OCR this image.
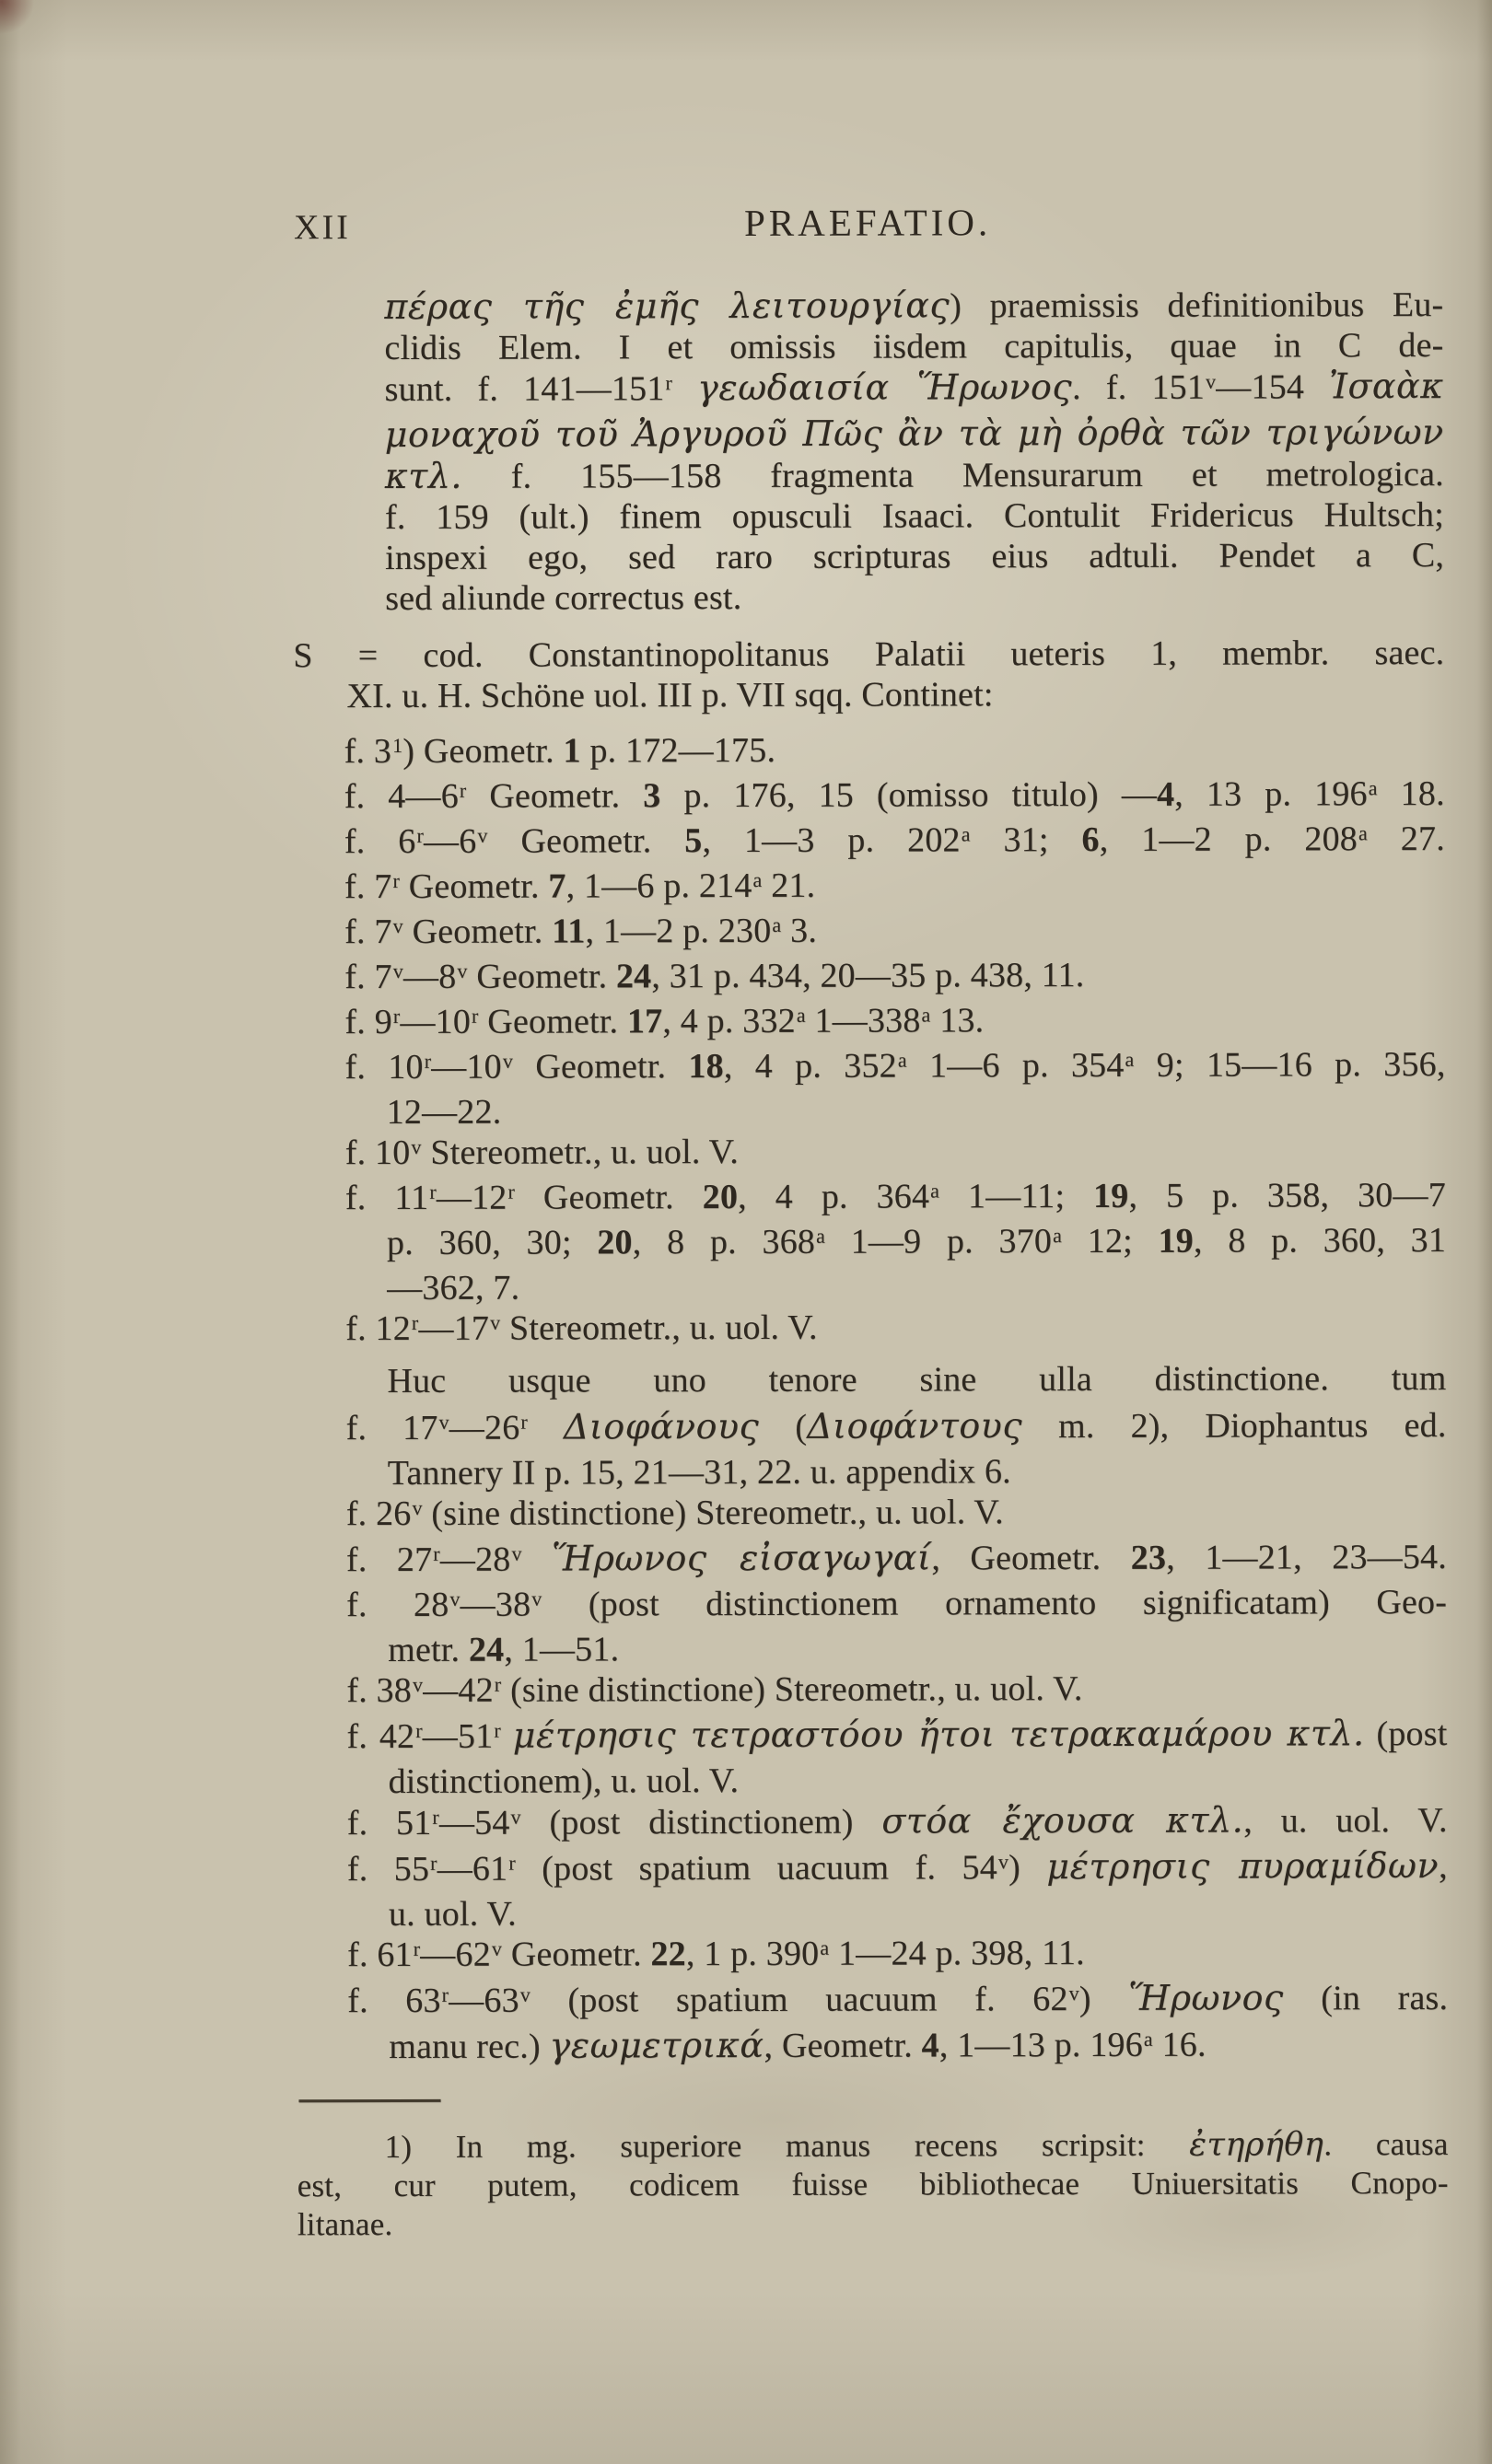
XII	PRAEFATIO.
πέρας τῆς ἐμῆς λειτουργίας) praemissis definitionibus Eu-
clidis Elem. I et omissis iisdem capitulis, quae in C de-
sunt. f. 141—151$^r$ γεωδαισία Ἥρωνος. f. 151$^v$—154 Ἰσαὰκ
μοναχοῦ τοῦ Ἀργυροῦ Πῶς ἂν τὰ μὴ ὀρθὰ τῶν τριγώνων
κτλ. f. 155—158 fragmenta Mensurarum et metrologica.
f. 159 (ult.) finem opusculi Isaaci. Contulit Fridericus Hultsch;
inspexi ego, sed raro scripturas eius adtuli. Pendet a C,
sed aliunde correctus est.
S = cod. Constantinopolitanus Palatii ueteris 1, membr. saec.
XI. u. H. Schöne uol. III p. VII sqq. Continet:
f. $3^1$) Geometr. 1 p. 172—175.
f. 4—6$^r$ Geometr. 3 p. 176, 15 (omisso titulo) —4, 13 p. 196$^a$ 18.
f. 6$^r$—6$^v$ Geometr. 5, 1—3 p. 202$^a$ 31; 6, 1—2 p. 208$^a$ 27.
f. 7$^r$ Geometr. 7, 1—6 p. 214$^a$ 21.
f. 7$^v$ Geometr. 11, 1—2 p. 230$^a$ 3.
f. 7$^v$—8$^v$ Geometr. 24, 31 p. 434, 20—35 p. 438, 11.
f. 9$^r$—10$^r$ Geometr. 17, 4 p. 332$^a$ 1—338$^a$ 13.
f. 10$^r$—10$^v$ Geometr. 18, 4 p. 352$^a$ 1—6 p. 354$^a$ 9; 15—16 p. 356,
12—22.
f. 10$^v$ Stereometr., u. uol. V.
f. 11$^r$—12$^r$ Geometr. 20, 4 p. 364$^a$ 1—11; 19, 5 p. 358, 30—7
p. 360, 30; 20, 8 p. 368$^a$ 1—9 p. 370$^a$ 12; 19, 8 p. 360, 31
—362, 7.
f. 12$^r$—17$^v$ Stereometr., u. uol. V.
Huc usque uno tenore sine ulla distinctione. tum
f. 17$^v$—26$^r$ Διοφάνους (Διοφάντους m. 2), Diophantus ed.
Tannery II p. 15, 21—31, 22. u. appendix 6.
f. 26$^v$ (sine distinctione) Stereometr., u. uol. V.
f. 27$^r$—28$^v$ Ἥρωνος εἰσαγωγαί, Geometr. 23, 1—21, 23—54.
f. 28$^v$—38$^v$ (post distinctionem ornamento significatam) Geo-
metr. 24, 1—51.
f. 38$^v$—42$^r$ (sine distinctione) Stereometr., u. uol. V.
f. 42$^r$—51$^r$ μέτρησις τετραστόου ἤτοι τετρακαμάρου κτλ. (post
distinctionem), u. uol. V.
f. 51$^r$—54$^v$ (post distinctionem) στόα ἔχουσα κτλ., u. uol. V.
f. 55$^r$—61$^r$ (post spatium uacuum f. 54$^v$) μέτρησις πυραμίδων,
u. uol. V.
f. 61$^r$—62$^v$ Geometr. 22, 1 p. 390$^a$ 1—24 p. 398, 11.
f. 63$^r$—63$^v$ (post spatium uacuum f. 62$^v$) Ἥρωνος (in ras.
manu rec.) γεωμετρικά, Geometr. 4, 1—13 p. 196$^a$ 16.
1) In mg. superiore manus recens scripsit: ἐτηρήθη. causa
est, cur putem, codicem fuisse bibliothecae Uniuersitatis Cnopo-
litanae.
